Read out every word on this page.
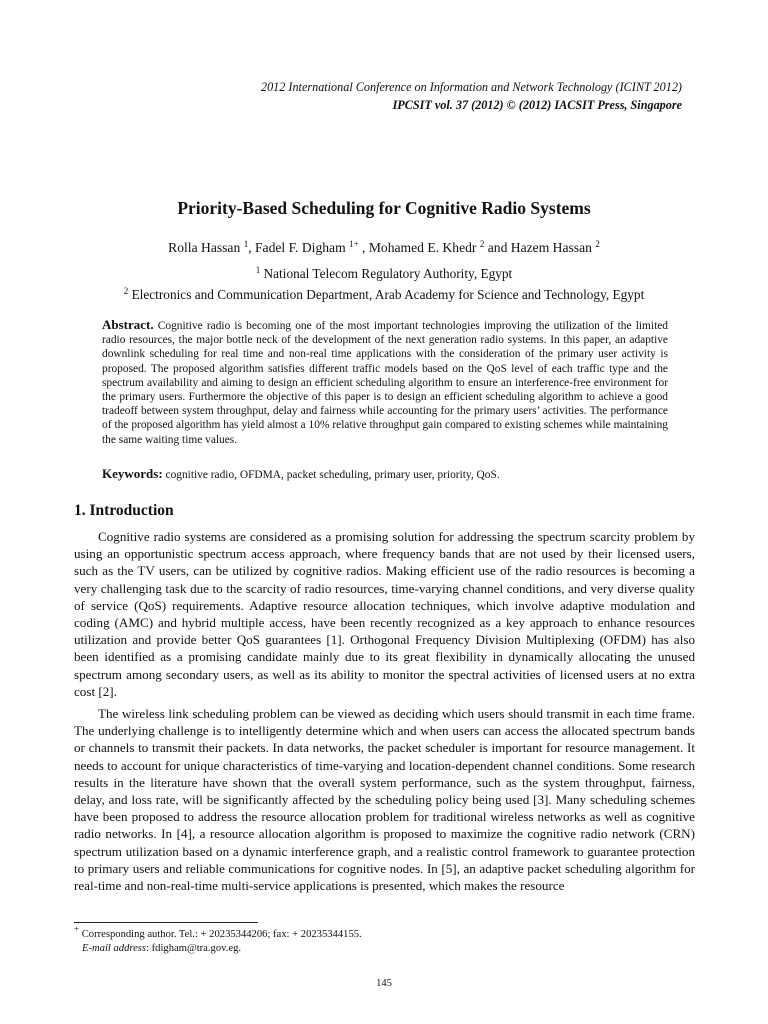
2012 International Conference on Information and Network Technology (ICINT 2012)
IPCSIT vol. 37 (2012) © (2012) IACSIT Press, Singapore
Priority-Based Scheduling for Cognitive Radio Systems
Rolla Hassan $^1$, Fadel F. Digham $^{1+}$ , Mohamed E. Khedr $^2$ and Hazem Hassan $^2$
$^1$ National Telecom Regulatory Authority, Egypt
$^2$ Electronics and Communication Department, Arab Academy for Science and Technology, Egypt
Abstract. Cognitive radio is becoming one of the most important technologies improving the utilization of the limited radio resources, the major bottle neck of the development of the next generation radio systems. In this paper, an adaptive downlink scheduling for real time and non-real time applications with the consideration of the primary user activity is proposed. The proposed algorithm satisfies different traffic models based on the QoS level of each traffic type and the spectrum availability and aiming to design an efficient scheduling algorithm to ensure an interference-free environment for the primary users. Furthermore the objective of this paper is to design an efficient scheduling algorithm to achieve a good tradeoff between system throughput, delay and fairness while accounting for the primary users’ activities. The performance of the proposed algorithm has yield almost a 10% relative throughput gain compared to existing schemes while maintaining the same waiting time values.
Keywords: cognitive radio, OFDMA, packet scheduling, primary user, priority, QoS.
1. Introduction

Cognitive radio systems are considered as a promising solution for addressing the spectrum scarcity problem by using an opportunistic spectrum access approach, where frequency bands that are not used by their licensed users, such as the TV users, can be utilized by cognitive radios. Making efficient use of the radio resources is becoming a very challenging task due to the scarcity of radio resources, time-varying channel conditions, and very diverse quality of service (QoS) requirements. Adaptive resource allocation techniques, which involve adaptive modulation and coding (AMC) and hybrid multiple access, have been recently recognized as a key approach to enhance resources utilization and provide better QoS guarantees [1]. Orthogonal Frequency Division Multiplexing (OFDM) has also been identified as a promising candidate mainly due to its great flexibility in dynamically allocating the unused spectrum among secondary users, as well as its ability to monitor the spectral activities of licensed users at no extra cost [2].

The wireless link scheduling problem can be viewed as deciding which users should transmit in each time frame. The underlying challenge is to intelligently determine which and when users can access the allocated spectrum bands or channels to transmit their packets. In data networks, the packet scheduler is important for resource management. It needs to account for unique characteristics of time-varying and location-dependent channel conditions. Some research results in the literature have shown that the overall system performance, such as the system throughput, fairness, delay, and loss rate, will be significantly affected by the scheduling policy being used [3]. Many scheduling schemes have been proposed to address the resource allocation problem for traditional wireless networks as well as cognitive radio networks. In [4], a resource allocation algorithm is proposed to maximize the cognitive radio network (CRN) spectrum utilization based on a dynamic interference graph, and a realistic control framework to guarantee protection to primary users and reliable communications for cognitive nodes. In [5], an adaptive packet scheduling algorithm for real-time and non-real-time multi-service applications is presented, which makes the resource

+ Corresponding author. Tel.: + 20235344206; fax: + 20235344155.
E-mail address: fdigham@tra.gov.eg.
145
